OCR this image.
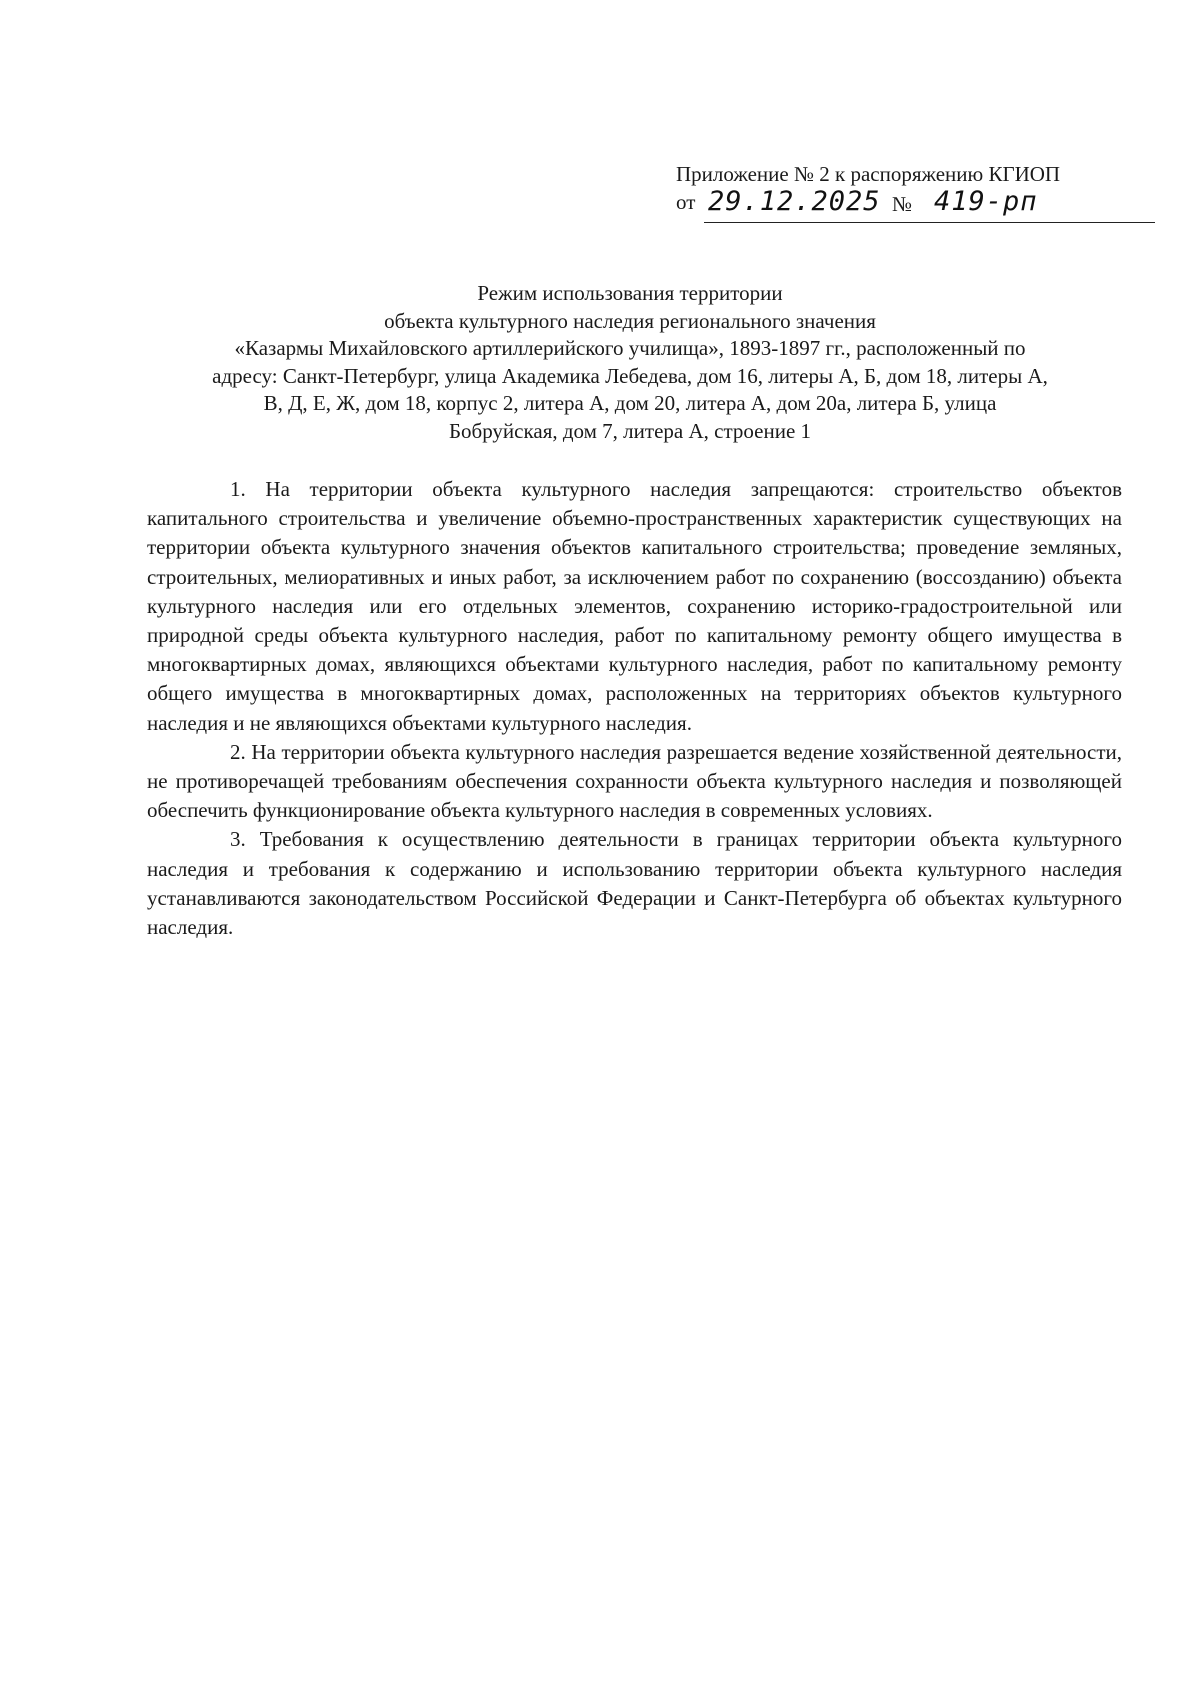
Приложение № 2 к распоряжению КГИОП
от 29.12.2025 № 419-рп
Режим использования территории
объекта культурного наследия регионального значения
«Казармы Михайловского артиллерийского училища», 1893-1897 гг., расположенный по
адресу: Санкт-Петербург, улица Академика Лебедева, дом 16, литеры А, Б, дом 18, литеры А,
В, Д, Е, Ж, дом 18, корпус 2, литера А, дом 20, литера А, дом 20а, литера Б, улица
Бобруйская, дом 7, литера А, строение 1

1. На территории объекта культурного наследия запрещаются: строительство объектов капитального строительства и увеличение объемно-пространственных характеристик существующих на территории объекта культурного значения объектов капитального строительства; проведение земляных, строительных, мелиоративных и иных работ, за исключением работ по сохранению (воссозданию) объекта культурного наследия или его отдельных элементов, сохранению историко-градостроительной или природной среды объекта культурного наследия, работ по капитальному ремонту общего имущества в многоквартирных домах, являющихся объектами культурного наследия, работ по капитальному ремонту общего имущества в многоквартирных домах, расположенных на территориях объектов культурного наследия и не являющихся объектами культурного наследия.

2. На территории объекта культурного наследия разрешается ведение хозяйственной деятельности, не противоречащей требованиям обеспечения сохранности объекта культурного наследия и позволяющей обеспечить функционирование объекта культурного наследия в современных условиях.

3. Требования к осуществлению деятельности в границах территории объекта культурного наследия и требования к содержанию и использованию территории объекта культурного наследия устанавливаются законодательством Российской Федерации и Санкт-Петербурга об объектах культурного наследия.
